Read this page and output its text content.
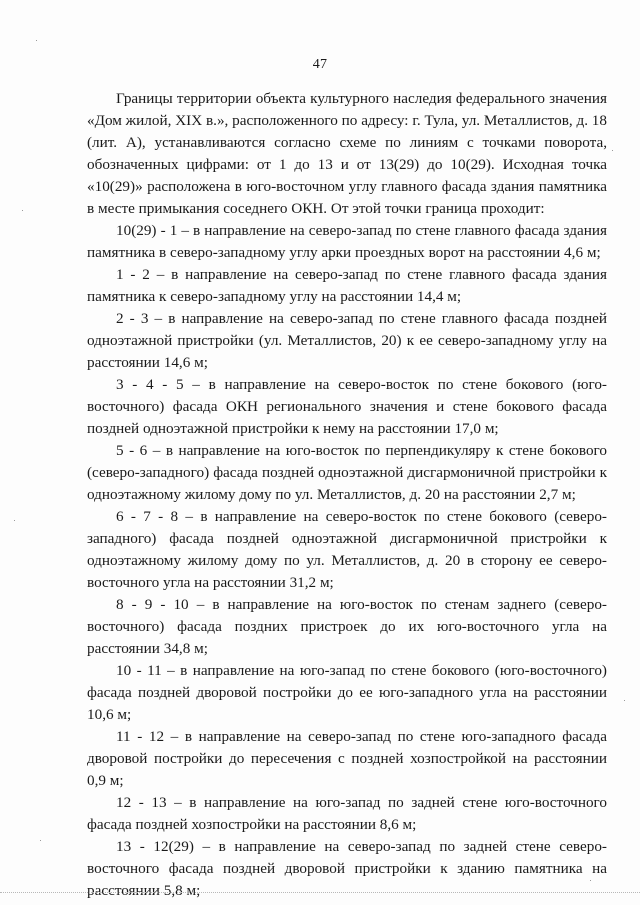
47

Границы территории объекта культурного наследия федерального значения «Дом жилой, XIX в.», расположенного по адресу: г. Тула, ул. Металлистов, д. 18 (лит. А), устанавливаются согласно схеме по линиям с точками поворота, обозначенных цифрами: от 1 до 13 и от 13(29) до 10(29). Исходная точка «10(29)» расположена в юго-восточном углу главного фасада здания памятника в месте примыкания соседнего ОКН. От этой точки граница проходит:

10(29) - 1 – в направление на северо-запад по стене главного фасада здания памятника в северо-западному углу арки проездных ворот на расстоянии 4,6 м;

1 - 2 – в направление на северо-запад по стене главного фасада здания памятника к северо-западному углу на расстоянии 14,4 м;

2 - 3 – в направление на северо-запад по стене главного фасада поздней одноэтажной пристройки (ул. Металлистов, 20) к ее северо-западному углу на расстоянии 14,6 м;

3 - 4 - 5 – в направление на северо-восток по стене бокового (юго-восточного) фасада ОКН регионального значения и стене бокового фасада поздней одноэтажной пристройки к нему на расстоянии 17,0 м;

5 - 6 – в направление на юго-восток по перпендикуляру к стене бокового (северо-западного) фасада поздней одноэтажной дисгармоничной пристройки к одноэтажному жилому дому по ул. Металлистов, д. 20 на расстоянии 2,7 м;

6 - 7 - 8 – в направление на северо-восток по стене бокового (северо-западного) фасада поздней одноэтажной дисгармоничной пристройки к одноэтажному жилому дому по ул. Металлистов, д. 20 в сторону ее северо-восточного угла на расстоянии 31,2 м;

8 - 9 - 10 – в направление на юго-восток по стенам заднего (северо-восточного) фасада поздних пристроек до их юго-восточного угла на расстоянии 34,8 м;

10 - 11 – в направление на юго-запад по стене бокового (юго-восточного) фасада поздней дворовой постройки до ее юго-западного угла на расстоянии 10,6 м;

11 - 12 – в направление на северо-запад по стене юго-западного фасада дворовой постройки до пересечения с поздней хозпостройкой на расстоянии 0,9 м;

12 - 13 – в направление на юго-запад по задней стене юго-восточного фасада поздней хозпостройки на расстоянии 8,6 м;

13 - 12(29) – в направление на северо-запад по задней стене северо-восточного фасада поздней дворовой пристройки к зданию памятника на расстоянии 5,8 м;
